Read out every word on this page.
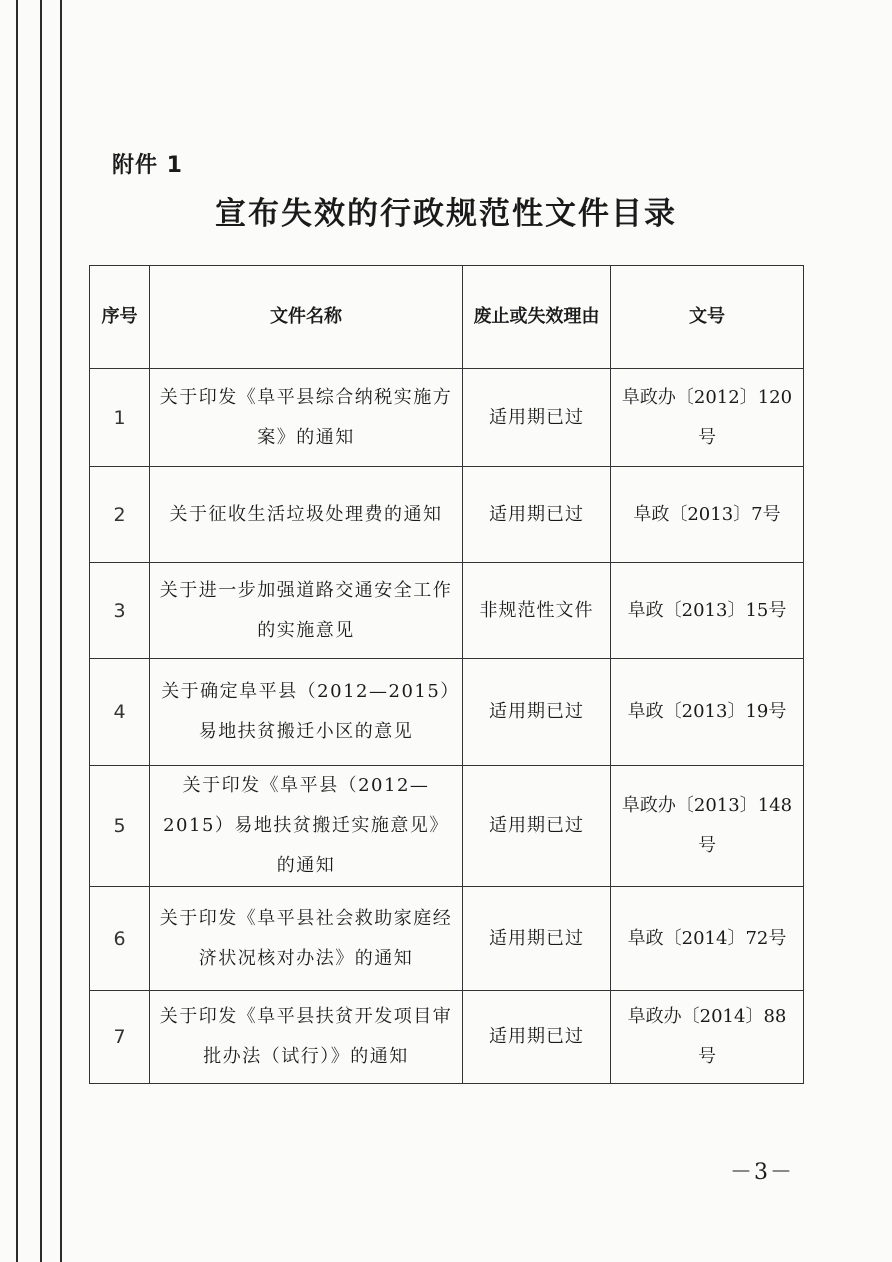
附件 1
宣布失效的行政规范性文件目录
序号	文件名称	废止或失效理由	文号
1	关于印发《阜平县综合纳税实施方案》的通知	适用期已过	阜政办〔2012〕120号
2	关于征收生活垃圾处理费的通知	适用期已过	阜政〔2013〕7号
3	关于进一步加强道路交通安全工作的实施意见	非规范性文件	阜政〔2013〕15号
4	关于确定阜平县（2012—2015）易地扶贫搬迁小区的意见	适用期已过	阜政〔2013〕19号
5	关于印发《阜平县（2012—2015）易地扶贫搬迁实施意见》的通知	适用期已过	阜政办〔2013〕148号
6	关于印发《阜平县社会救助家庭经济状况核对办法》的通知	适用期已过	阜政〔2014〕72号
7	关于印发《阜平县扶贫开发项目审批办法（试行）》的通知	适用期已过	阜政办〔2014〕88号
－3－
